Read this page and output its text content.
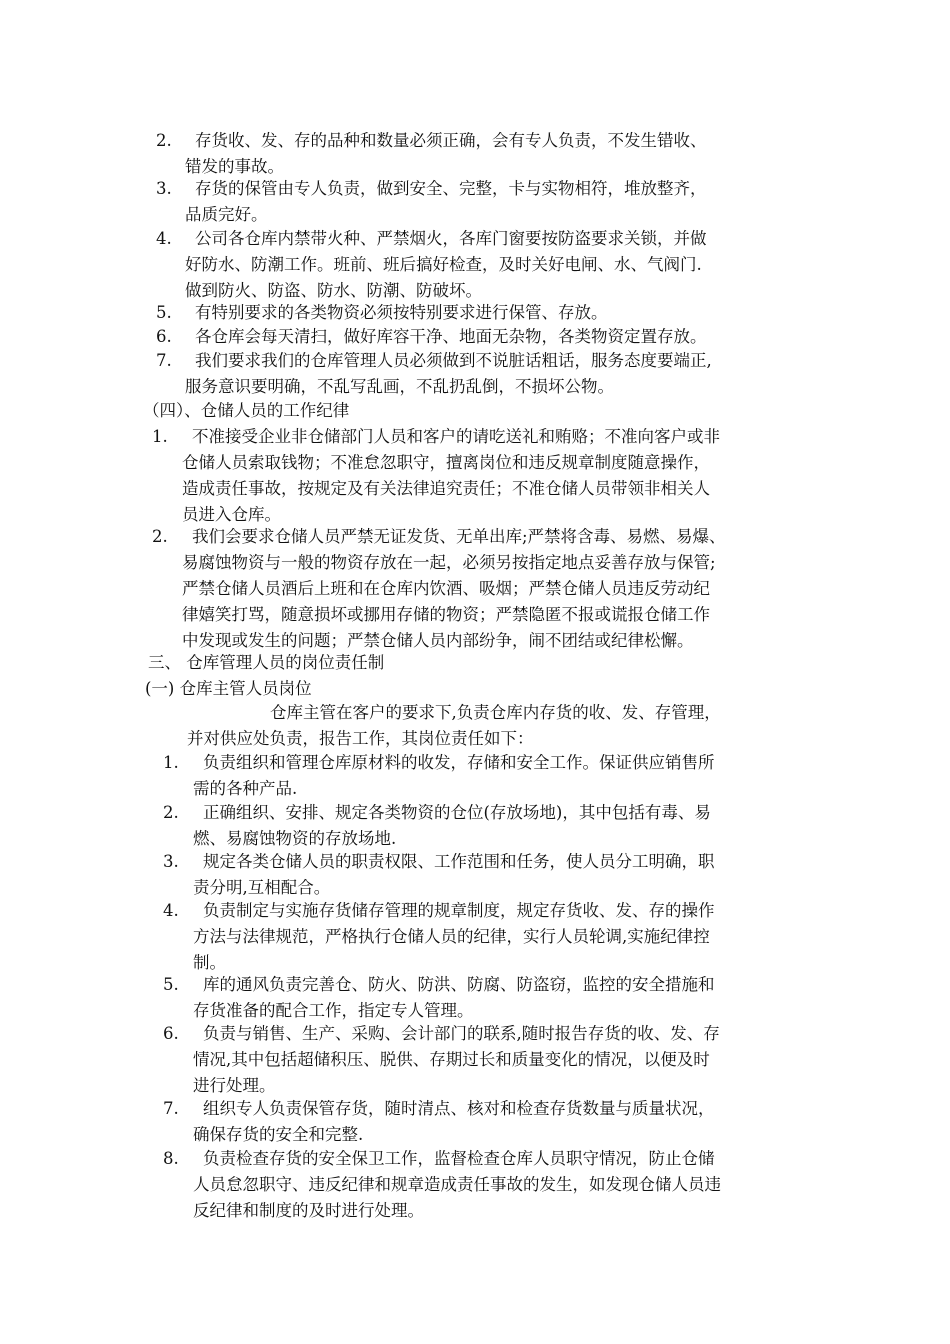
2. 存货收、发、存的品种和数量必须正确，会有专人负责，不发生错收、
错发的事故。
3. 存货的保管由专人负责，做到安全、完整，卡与实物相符，堆放整齐，
品质完好。
4. 公司各仓库内禁带火种、严禁烟火，各库门窗要按防盗要求关锁，并做
好防水、防潮工作。班前、班后搞好检查，及时关好电闸、水、气阀门.
做到防火、防盗、防水、防潮、防破坏。
5. 有特别要求的各类物资必须按特别要求进行保管、存放。
6. 各仓库会每天清扫，做好库容干净、地面无杂物，各类物资定置存放。
7. 我们要求我们的仓库管理人员必须做到不说脏话粗话，服务态度要端正,
服务意识要明确，不乱写乱画，不乱扔乱倒，不损坏公物。
（四）、仓储人员的工作纪律
1. 不准接受企业非仓储部门人员和客户的请吃送礼和贿赂；不准向客户或非
仓储人员索取钱物；不准怠忽职守，擅离岗位和违反规章制度随意操作，
造成责任事故，按规定及有关法律追究责任；不准仓储人员带领非相关人
员进入仓库。
2. 我们会要求仓储人员严禁无证发货、无单出库;严禁将含毒、易燃、易爆、
易腐蚀物资与一般的物资存放在一起，必须另按指定地点妥善存放与保管;
严禁仓储人员酒后上班和在仓库内饮酒、吸烟；严禁仓储人员违反劳动纪
律嬉笑打骂，随意损坏或挪用存储的物资；严禁隐匿不报或谎报仓储工作
中发现或发生的问题；严禁仓储人员内部纷争，闹不团结或纪律松懈。
三、 仓库管理人员的岗位责任制
(一) 仓库主管人员岗位
仓库主管在客户的要求下,负责仓库内存货的收、发、存管理，
并对供应处负责，报告工作，其岗位责任如下：
1. 负责组织和管理仓库原材料的收发，存储和安全工作。保证供应销售所
需的各种产品.
2. 正确组织、安排、规定各类物资的仓位(存放场地)，其中包括有毒、易
燃、易腐蚀物资的存放场地.
3. 规定各类仓储人员的职责权限、工作范围和任务，使人员分工明确，职
责分明,互相配合。
4. 负责制定与实施存货储存管理的规章制度，规定存货收、发、存的操作
方法与法律规范，严格执行仓储人员的纪律，实行人员轮调,实施纪律控
制。
5. 库的通风负责完善仓、防火、防洪、防腐、防盗窃，监控的安全措施和
存货准备的配合工作，指定专人管理。
6. 负责与销售、生产、采购、会计部门的联系,随时报告存货的收、发、存
情况,其中包括超储积压、脱供、存期过长和质量变化的情况，以便及时
进行处理。
7. 组织专人负责保管存货，随时清点、核对和检查存货数量与质量状况，
确保存货的安全和完整.
8. 负责检查存货的安全保卫工作，监督检查仓库人员职守情况，防止仓储
人员怠忽职守、违反纪律和规章造成责任事故的发生，如发现仓储人员违
反纪律和制度的及时进行处理。
